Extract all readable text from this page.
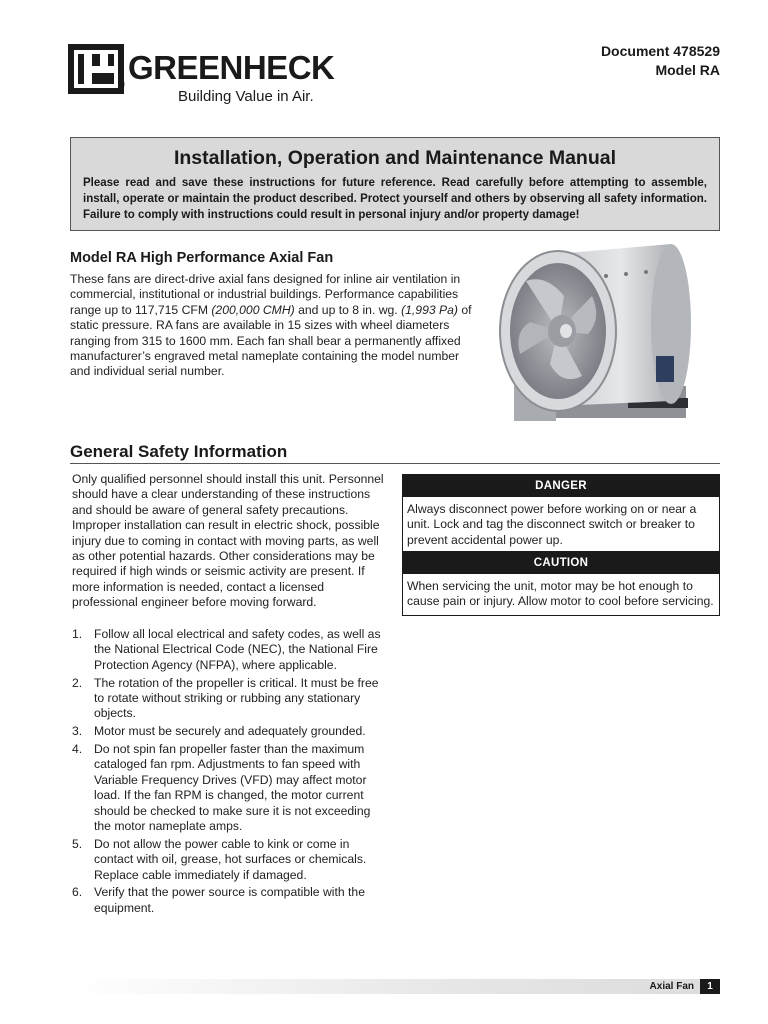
® GREENHECK
Building Value in Air.
Document 478529
Model RA
Installation, Operation and Maintenance Manual
Please read and save these instructions for future reference. Read carefully before attempting to assemble, install, operate or maintain the product described. Protect yourself and others by observing all safety information. Failure to comply with instructions could result in personal injury and/or property damage!
Model RA High Performance Axial Fan
These fans are direct-drive axial fans designed for inline air ventilation in commercial, institutional or industrial buildings. Performance capabilities range up to 117,715 CFM (200,000 CMH) and up to 8 in. wg. (1,993 Pa) of static pressure. RA fans are available in 15 sizes with wheel diameters ranging from 315 to 1600 mm. Each fan shall bear a permanently affixed manufacturer’s engraved metal nameplate containing the model number and individual serial number.
General Safety Information
Only qualified personnel should install this unit. Personnel should have a clear understanding of these instructions and should be aware of general safety precautions. Improper installation can result in electric shock, possible injury due to coming in contact with moving parts, as well as other potential hazards. Other considerations may be required if high winds or seismic activity are present. If more information is needed, contact a licensed professional engineer before moving forward.
1. Follow all local electrical and safety codes, as well as the National Electrical Code (NEC), the National Fire Protection Agency (NFPA), where applicable.
2. The rotation of the propeller is critical. It must be free to rotate without striking or rubbing any stationary objects.
3. Motor must be securely and adequately grounded.
4. Do not spin fan propeller faster than the maximum cataloged fan rpm. Adjustments to fan speed with Variable Frequency Drives (VFD) may affect motor load. If the fan RPM is changed, the motor current should be checked to make sure it is not exceeding the motor nameplate amps.
5. Do not allow the power cable to kink or come in contact with oil, grease, hot surfaces or chemicals. Replace cable immediately if damaged.
6. Verify that the power source is compatible with the equipment.
DANGER
Always disconnect power before working on or near a unit. Lock and tag the disconnect switch or breaker to prevent accidental power up.
CAUTION
When servicing the unit, motor may be hot enough to cause pain or injury. Allow motor to cool before servicing.
Axial Fan	1
